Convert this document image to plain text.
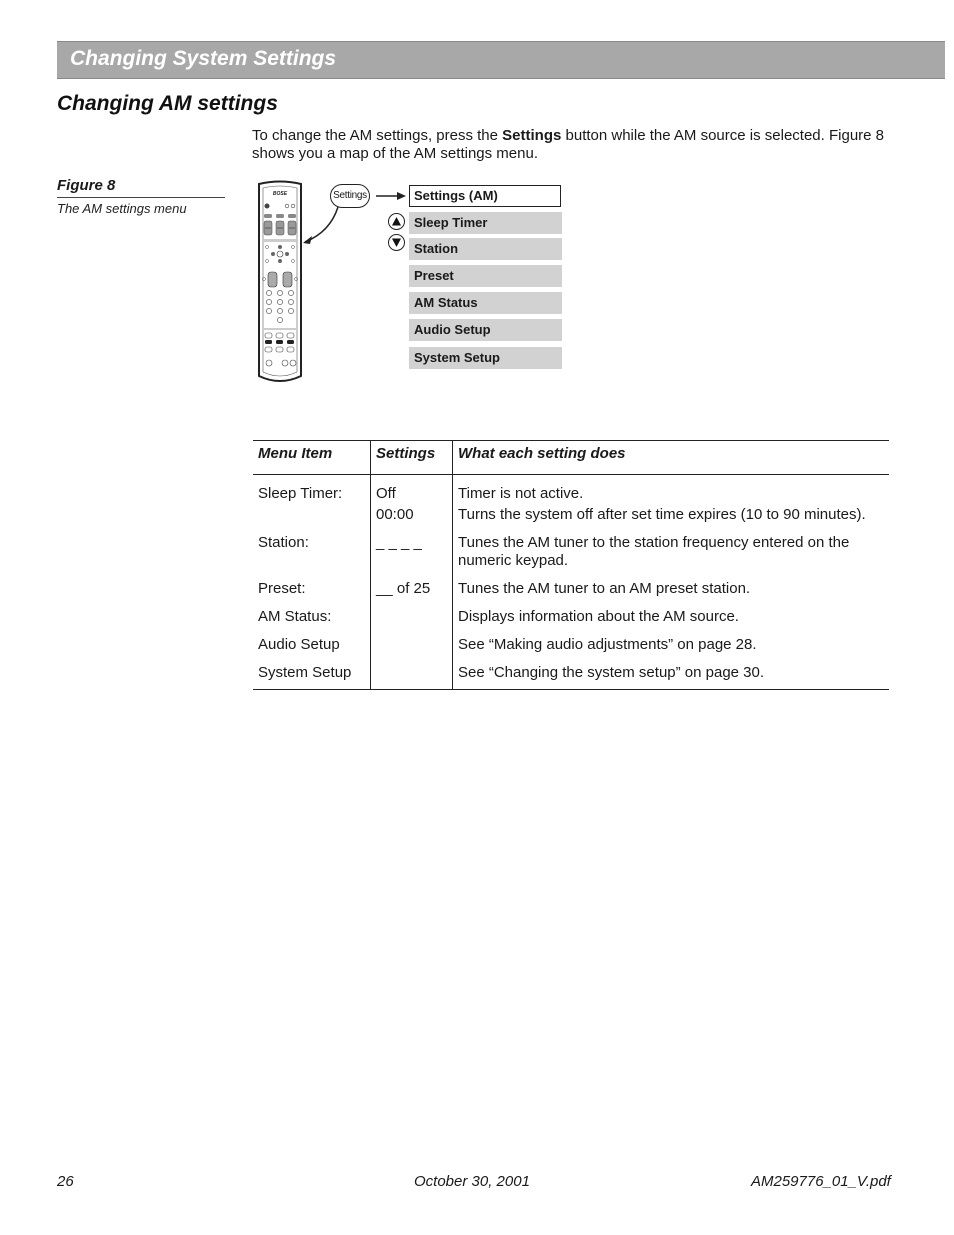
Changing System Settings
Changing AM settings
To change the AM settings, press the Settings button while the AM source is selected. Figure 8 shows you a map of the AM settings menu.
Figure 8
The AM settings menu
BOSE	Settings	Settings (AM)
Sleep Timer
Station
Preset
AM Status
Audio Setup
System Setup
Menu Item	Settings	What each setting does
Sleep Timer:	Off	Timer is not active.

	00:00	Turns the system off after set time expires (10 to 90 minutes).

Station:	_ _ _ _	Tunes the AM tuner to the station frequency entered on the numeric keypad.
Preset:	__ of 25	Tunes the AM tuner to an AM preset station.
AM Status:		Displays information about the AM source.
Audio Setup		See “Making audio adjustments” on page 28.
System Setup		See “Changing the system setup” on page 30.
26	October 30, 2001	AM259776_01_V.pdf
